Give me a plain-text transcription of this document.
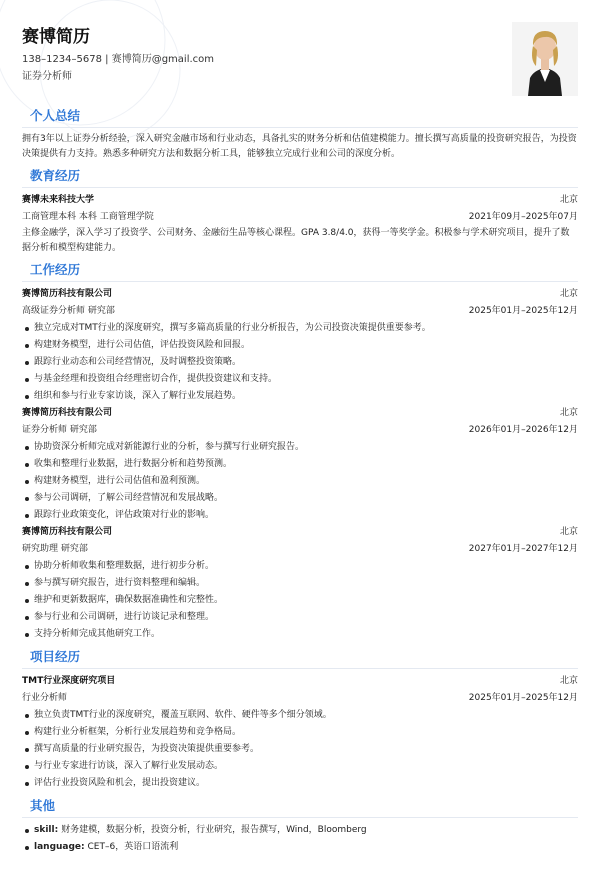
赛博简历
138–1234–5678 | 赛博简历@gmail.com
证券分析师
个人总结

拥有3年以上证券分析经验，深入研究金融市场和行业动态，具备扎实的财务分析和估值建模能力。擅长撰写高质量的投资研究报告，为投资决策提供有力支持。熟悉多种研究方法和数据分析工具，能够独立完成行业和公司的深度分析。

教育经历
赛博未来科技大学	北京
工商管理本科 本科 工商管理学院	2021年09月–2025年07月

主修金融学，深入学习了投资学、公司财务、金融衍生品等核心课程。GPA 3.8/4.0，获得一等奖学金。积极参与学术研究项目，提升了数据分析和模型构建能力。

工作经历
赛博简历科技有限公司	北京
高级证券分析师 研究部	2025年01月–2025年12月
独立完成对TMT行业的深度研究，撰写多篇高质量的行业分析报告，为公司投资决策提供重要参考。
构建财务模型，进行公司估值，评估投资风险和回报。
跟踪行业动态和公司经营情况，及时调整投资策略。
与基金经理和投资组合经理密切合作，提供投资建议和支持。
组织和参与行业专家访谈，深入了解行业发展趋势。
赛博简历科技有限公司	北京
证券分析师 研究部	2026年01月–2026年12月
协助资深分析师完成对新能源行业的分析，参与撰写行业研究报告。
收集和整理行业数据，进行数据分析和趋势预测。
构建财务模型，进行公司估值和盈利预测。
参与公司调研，了解公司经营情况和发展战略。
跟踪行业政策变化，评估政策对行业的影响。
赛博简历科技有限公司	北京
研究助理 研究部	2027年01月–2027年12月
协助分析师收集和整理数据，进行初步分析。
参与撰写研究报告，进行资料整理和编辑。
维护和更新数据库，确保数据准确性和完整性。
参与行业和公司调研，进行访谈记录和整理。
支持分析师完成其他研究工作。
项目经历
TMT行业深度研究项目	北京
行业分析师	2025年01月–2025年12月
独立负责TMT行业的深度研究，覆盖互联网、软件、硬件等多个细分领域。
构建行业分析框架，分析行业发展趋势和竞争格局。
撰写高质量的行业研究报告，为投资决策提供重要参考。
与行业专家进行访谈，深入了解行业发展动态。
评估行业投资风险和机会，提出投资建议。
其他
skill: 财务建模，数据分析，投资分析，行业研究，报告撰写，Wind，Bloomberg
language: CET–6，英语口语流利
